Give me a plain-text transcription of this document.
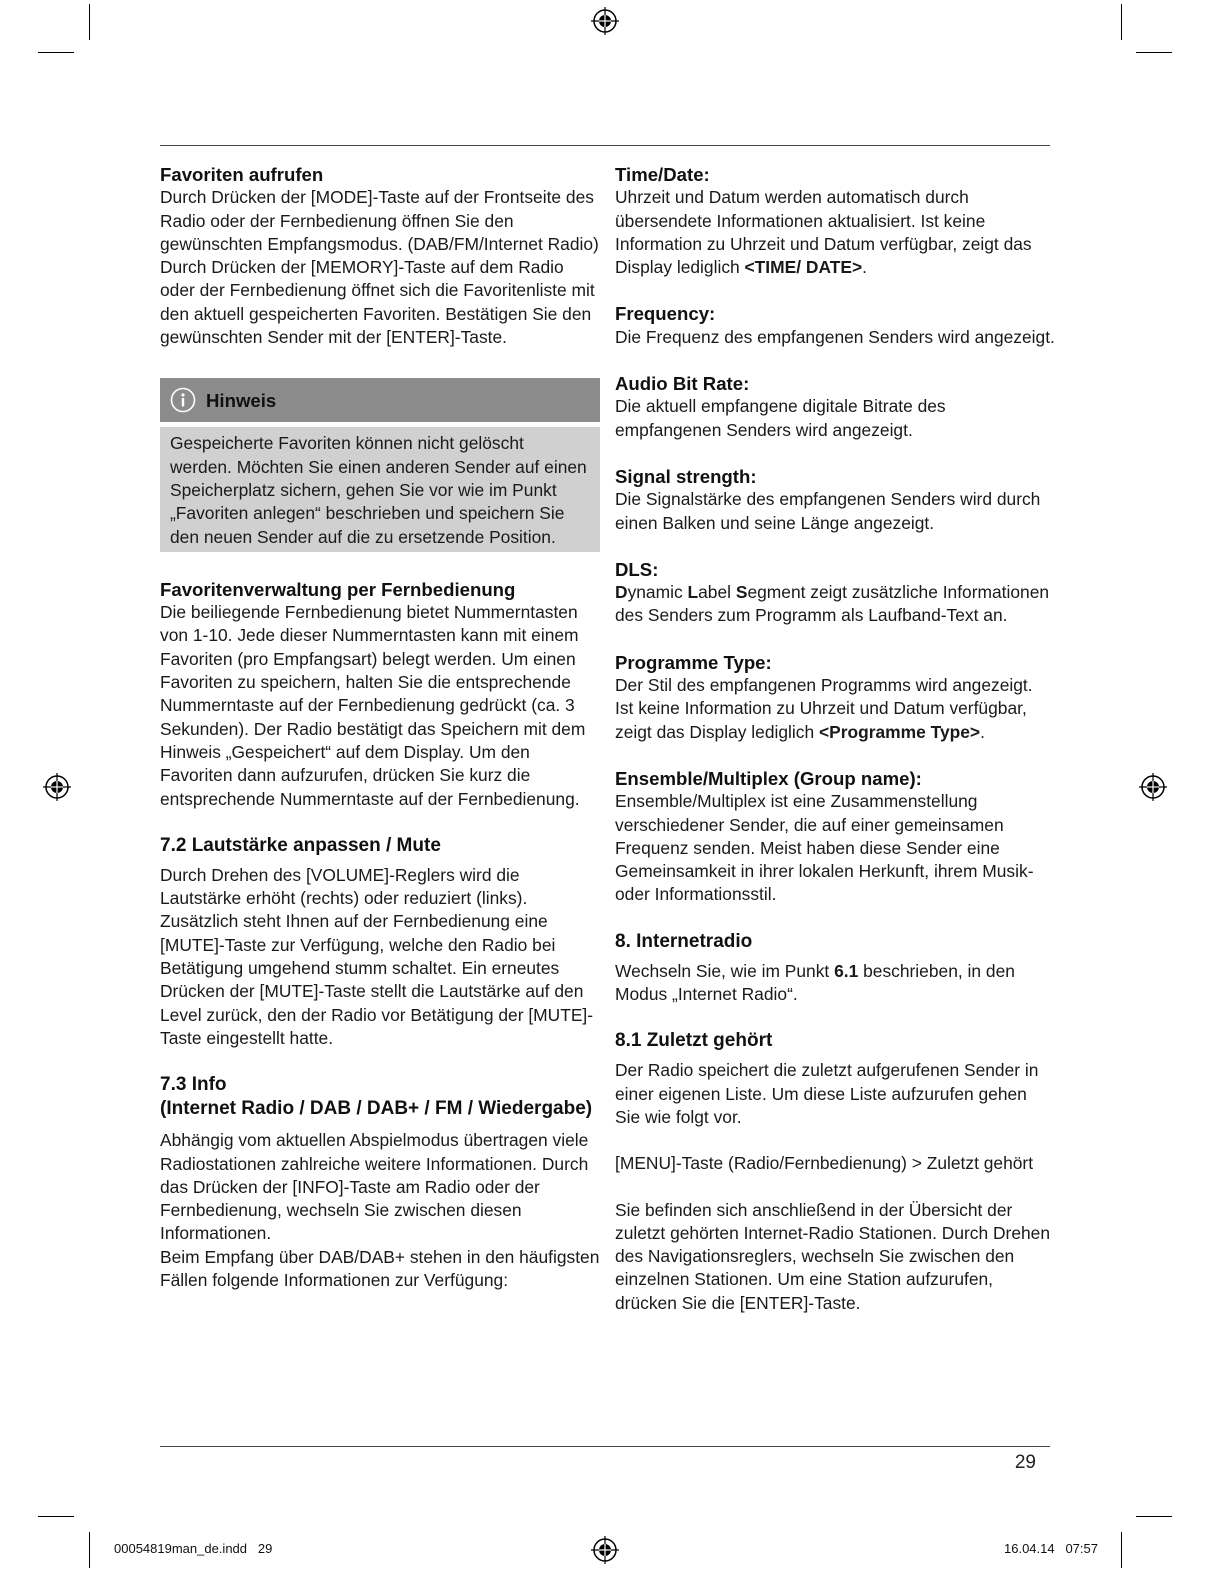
Favoriten aufrufen

Durch Drücken der [MODE]-Taste auf der Frontseite des Radio oder der Fernbedienung öffnen Sie den gewünschten Empfangsmodus. (DAB/FM/Internet Radio) Durch Drücken der [MEMORY]-Taste auf dem Radio oder der Fernbedienung öffnet sich die Favoritenliste mit den aktuell gespeicherten Favoriten. Bestätigen Sie den gewünschten Sender mit der [ENTER]-Taste.

Hinweis

Gespeicherte Favoriten können nicht gelöscht werden. Möchten Sie einen anderen Sender auf einen Speicherplatz sichern, gehen Sie vor wie im Punkt „Favoriten anlegen“ beschrieben und speichern Sie den neuen Sender auf die zu ersetzende Position.

Favoritenverwaltung per Fernbedienung

Die beiliegende Fernbedienung bietet Nummerntasten von 1-10. Jede dieser Nummerntasten kann mit einem Favoriten (pro Empfangsart) belegt werden. Um einen Favoriten zu speichern, halten Sie die entsprechende Nummerntaste auf der Fernbedienung gedrückt (ca. 3 Sekunden). Der Radio bestätigt das Speichern mit dem Hinweis „Gespeichert“ auf dem Display. Um den Favoriten dann aufzurufen, drücken Sie kurz die entsprechende Nummerntaste auf der Fernbedienung.

7.2 Lautstärke anpassen / Mute

Durch Drehen des [VOLUME]-Reglers wird die Lautstärke erhöht (rechts) oder reduziert (links). Zusätzlich steht Ihnen auf der Fernbedienung eine [MUTE]-Taste zur Verfügung, welche den Radio bei Betätigung umgehend stumm schaltet. Ein erneutes Drücken der [MUTE]-Taste stellt die Lautstärke auf den Level zurück, den der Radio vor Betätigung der [MUTE]-Taste eingestellt hatte.

7.3 Info
(Internet Radio / DAB / DAB+ / FM / Wiedergabe)

Abhängig vom aktuellen Abspielmodus übertragen viele Radiostationen zahlreiche weitere Informationen. Durch das Drücken der [INFO]-Taste am Radio oder der Fernbedienung, wechseln Sie zwischen diesen Informationen.

Beim Empfang über DAB/DAB+ stehen in den häufigsten Fällen folgende Informationen zur Verfügung:

Time/Date:

Uhrzeit und Datum werden automatisch durch übersendete Informationen aktualisiert. Ist keine Information zu Uhrzeit und Datum verfügbar, zeigt das Display lediglich <TIME/ DATE>.

Frequency:

Die Frequenz des empfangenen Senders wird angezeigt.

Audio Bit Rate:

Die aktuell empfangene digitale Bitrate des empfangenen Senders wird angezeigt.

Signal strength:

Die Signalstärke des empfangenen Senders wird durch einen Balken und seine Länge angezeigt.

DLS:

Dynamic Label Segment zeigt zusätzliche Informationen des Senders zum Programm als Laufband-Text an.

Programme Type:

Der Stil des empfangenen Programms wird angezeigt. Ist keine Information zu Uhrzeit und Datum verfügbar, zeigt das Display lediglich <Programme Type>.

Ensemble/Multiplex (Group name):

Ensemble/Multiplex ist eine Zusammenstellung verschiedener Sender, die auf einer gemeinsamen Frequenz senden. Meist haben diese Sender eine Gemeinsamkeit in ihrer lokalen Herkunft, ihrem Musik- oder Informationsstil.

8. Internetradio

Wechseln Sie, wie im Punkt 6.1 beschrieben, in den Modus „Internet Radio“.

8.1 Zuletzt gehört

Der Radio speichert die zuletzt aufgerufenen Sender in einer eigenen Liste. Um diese Liste aufzurufen gehen Sie wie folgt vor.

[MENU]-Taste (Radio/Fernbedienung) > Zuletzt gehört

Sie befinden sich anschließend in der Übersicht der zuletzt gehörten Internet-Radio Stationen. Durch Drehen des Navigationsreglers, wechseln Sie zwischen den einzelnen Stationen. Um eine Station aufzurufen, drücken Sie die [ENTER]-Taste.

29
00054819man_de.indd   29	16.04.14   07:57
